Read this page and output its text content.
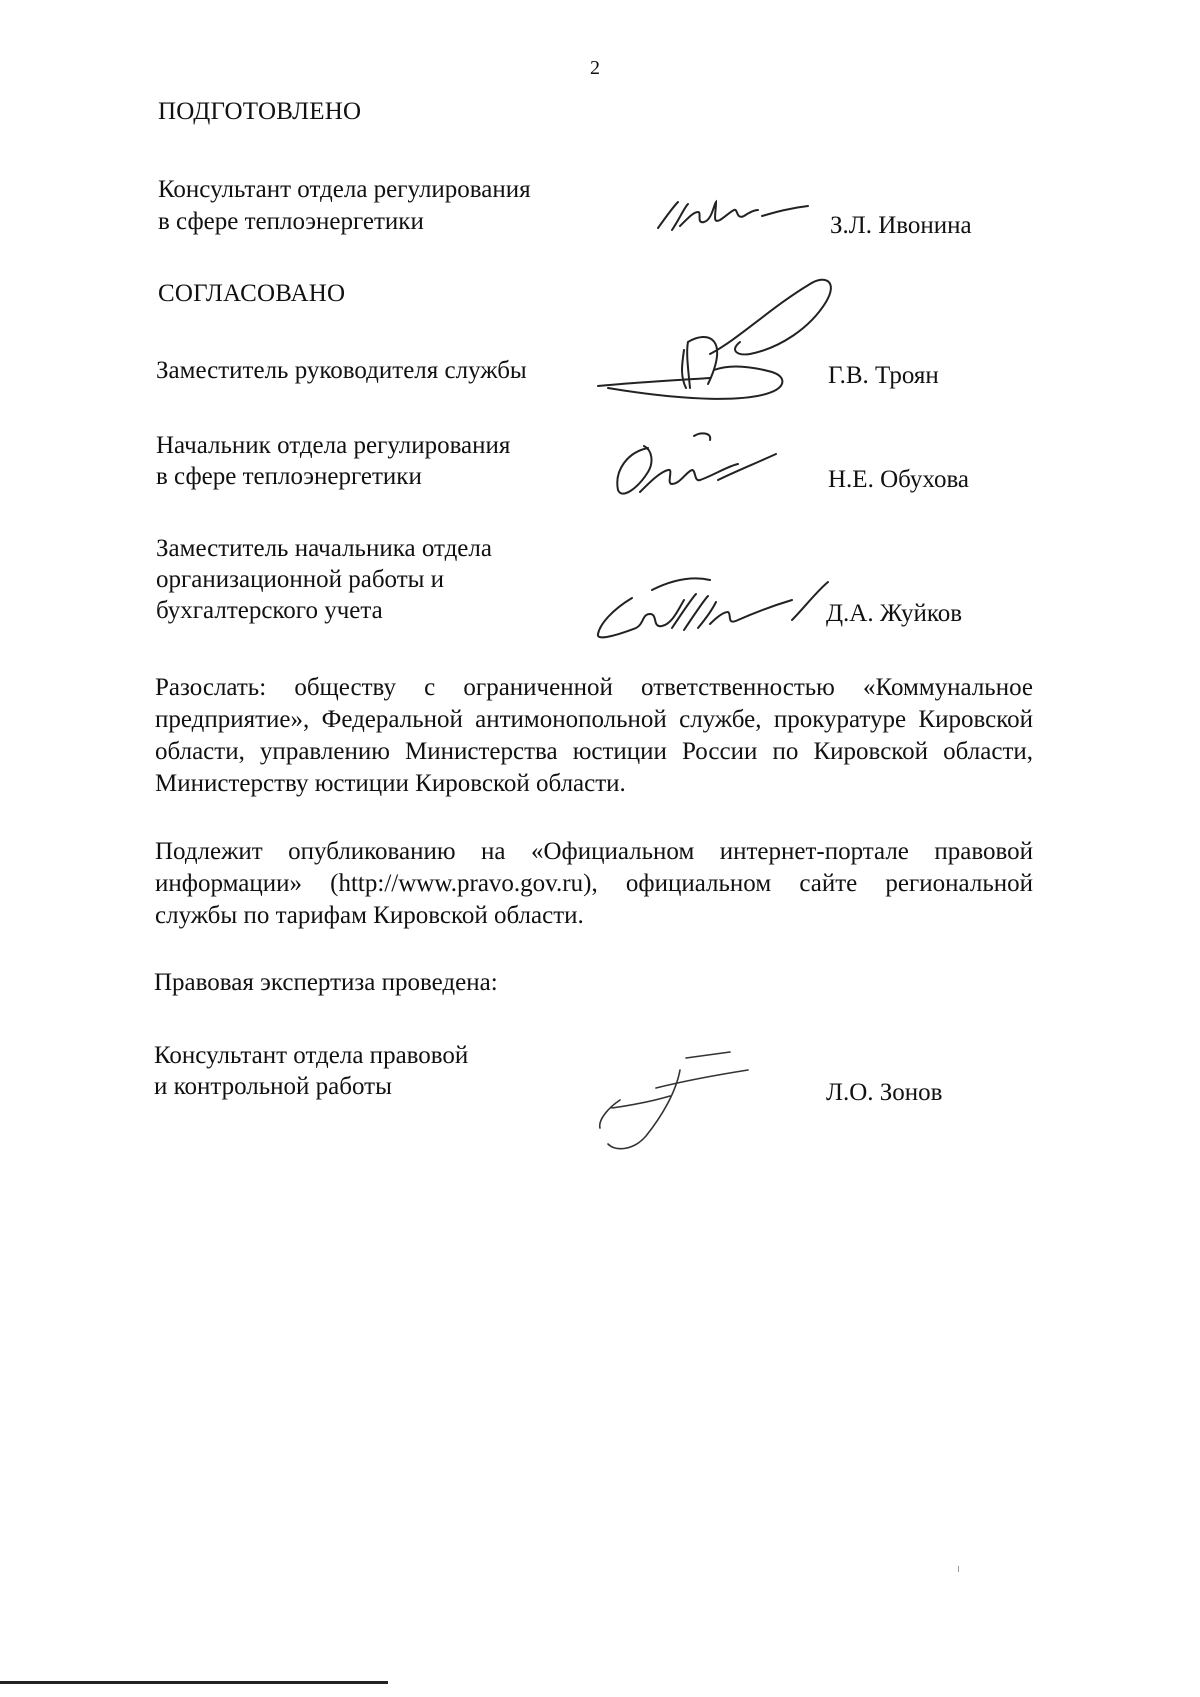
2
ПОДГОТОВЛЕНО
Консультант отдела регулирования
в сфере теплоэнергетики	З.Л. Ивонина
СОГЛАСОВАНО
Заместитель руководителя службы	Г.В. Троян
Начальник отдела регулирования
в сфере теплоэнергетики	Н.Е. Обухова
Заместитель начальника отдела
организационной работы и
бухгалтерского учета	Д.А. Жуйков
Разослать: обществу с ограниченной ответственностью «Коммунальное предприятие», Федеральной антимонопольной службе, прокуратуре Кировской области, управлению Министерства юстиции России по Кировской области, Министерству юстиции Кировской области.
Подлежит опубликованию на «Официальном интернет-портале правовой информации» (http://www.pravo.gov.ru), официальном сайте региональной службы по тарифам Кировской области.
Правовая экспертиза проведена:
Консультант отдела правовой
и контрольной работы	Л.О. Зонов
